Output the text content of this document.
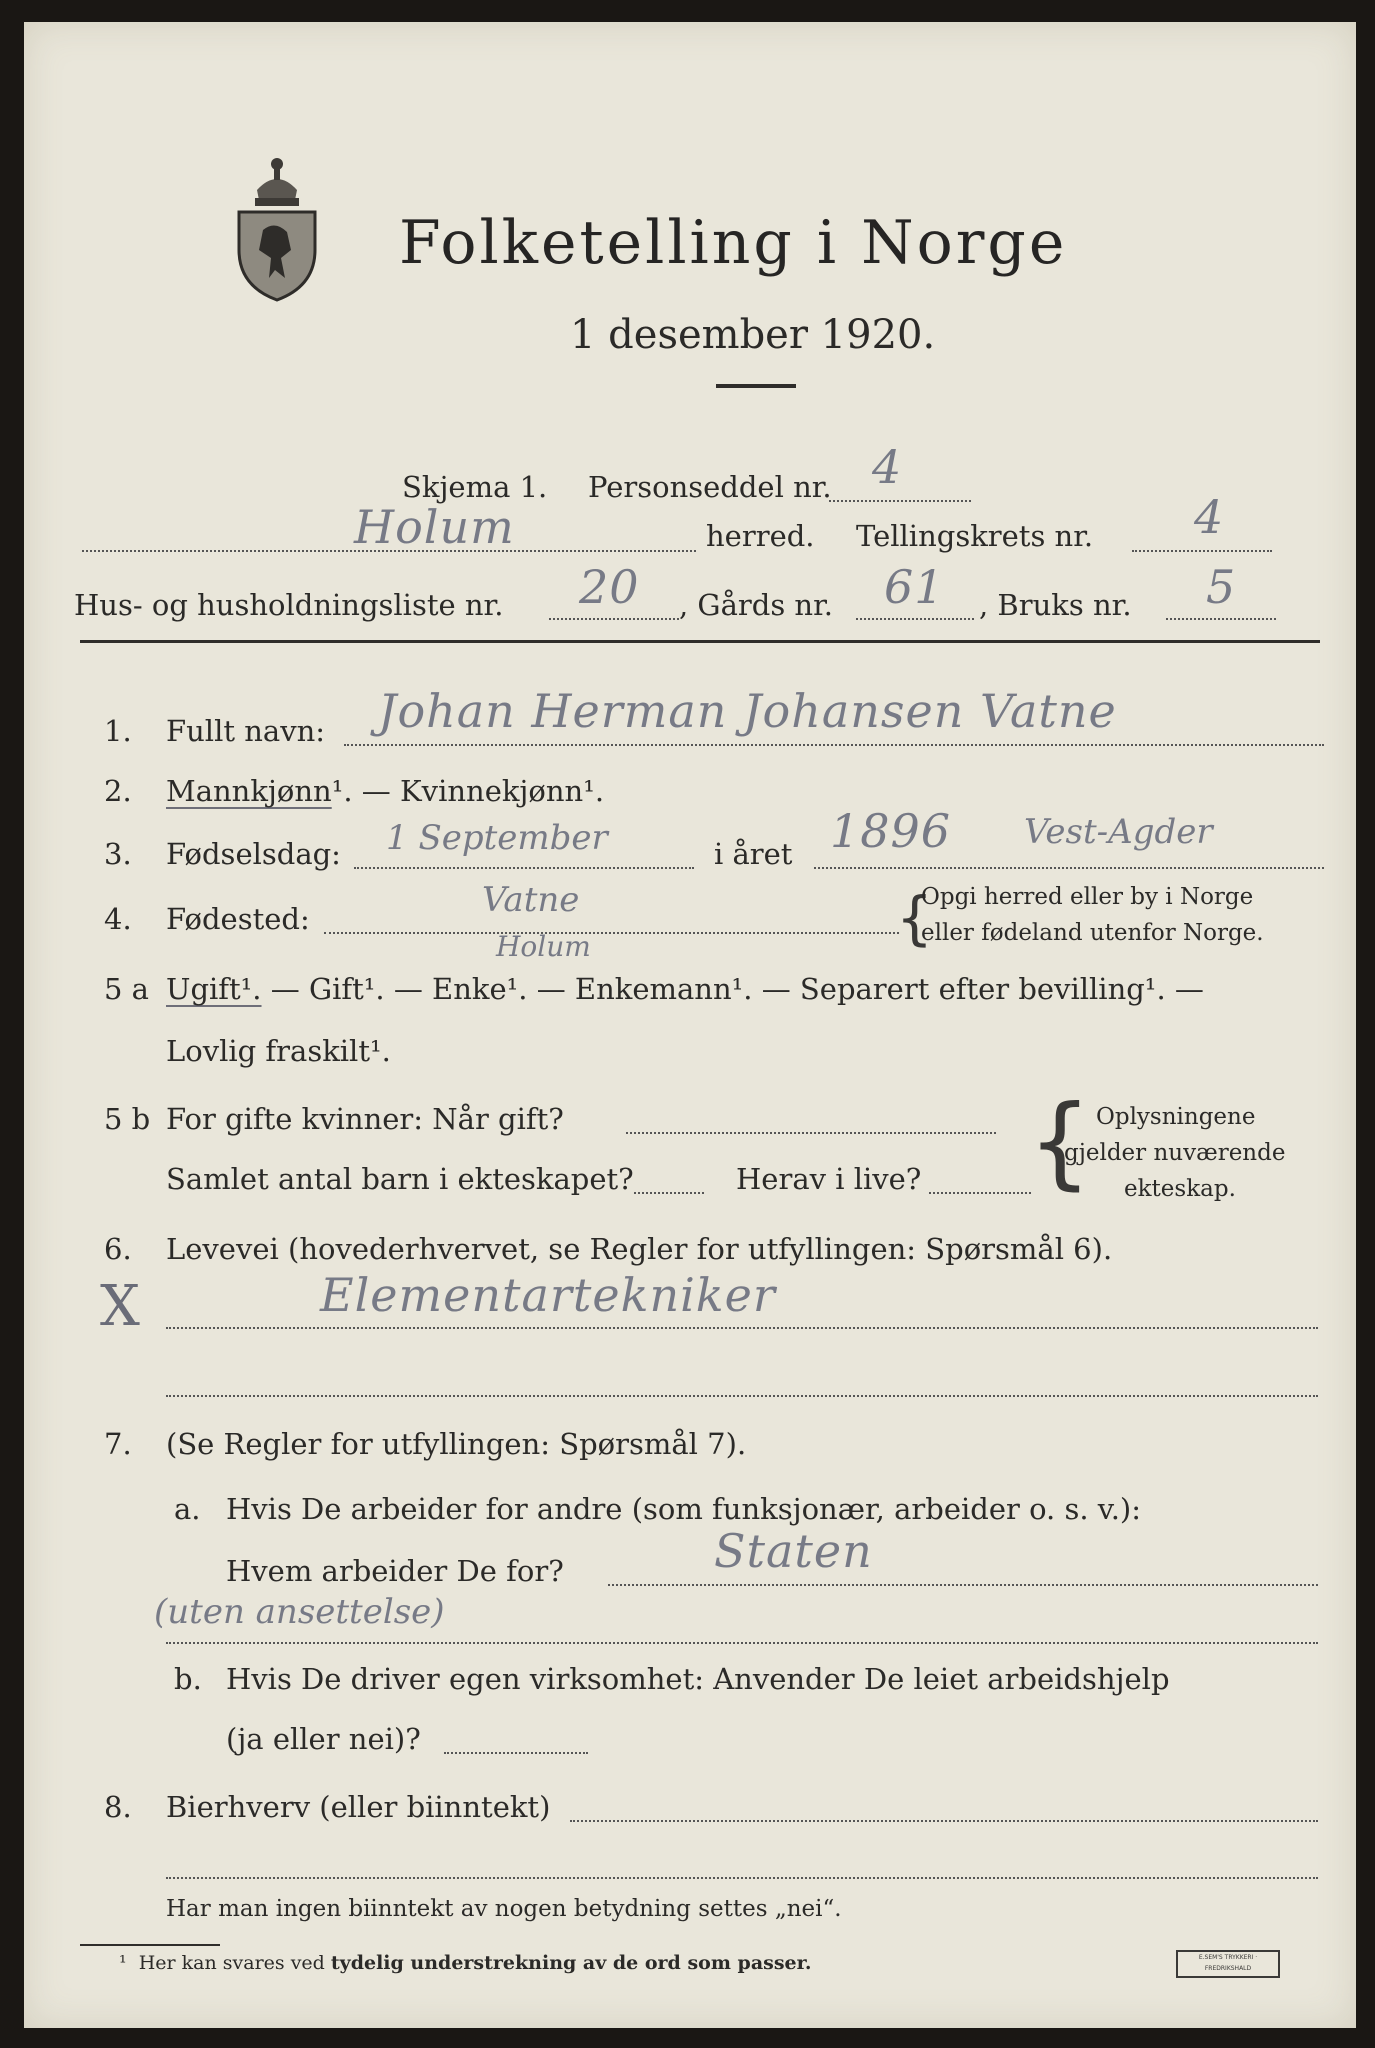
Folketelling i Norge
1 desember 1920.
Skjema 1. Personseddel nr. 4
Holum	herred. Tellingskrets nr. 4
Hus- og husholdningsliste nr. 20 , Gårds nr. 61 , Bruks nr. 5
1. Fullt navn: Johan Herman Johansen Vatne
2. Mannkjønn¹. — Kvinnekjønn¹.
3. Fødselsdag: 1 September	i året 1896 Vest-Agder
4. Fødested:	Vatne
Holum	{
Opgi herred eller by i Norge
eller fødeland utenfor Norge.
5 a Ugift¹. — Gift¹. — Enke¹. — Enkemann¹. — Separert efter bevilling¹. —
Lovlig fraskilt¹.
5 b For gifte kvinner: Når gift?
Samlet antal barn i ekteskapet?	Herav i live? { Oplysningene
gjelder nuværende
ekteskap.
6. Levevei (hovederhvervet, se Regler for utfyllingen: Spørsmål 6).
X	Elementartekniker
7. (Se Regler for utfyllingen: Spørsmål 7).
a. Hvis De arbeider for andre (som funksjonær, arbeider o. s. v.):
Hvem arbeider De for?	Staten
(uten ansettelse)
b. Hvis De driver egen virksomhet: Anvender De leiet arbeidshjelp
(ja eller nei)?
8. Bierhverv (eller biinntekt)
Har man ingen biinntekt av nogen betydning settes „nei“.
¹ Her kan svares ved tydelig understrekning av de ord som passer.	E.SEM'S TRYKKERI · FREDRIKSHALD
